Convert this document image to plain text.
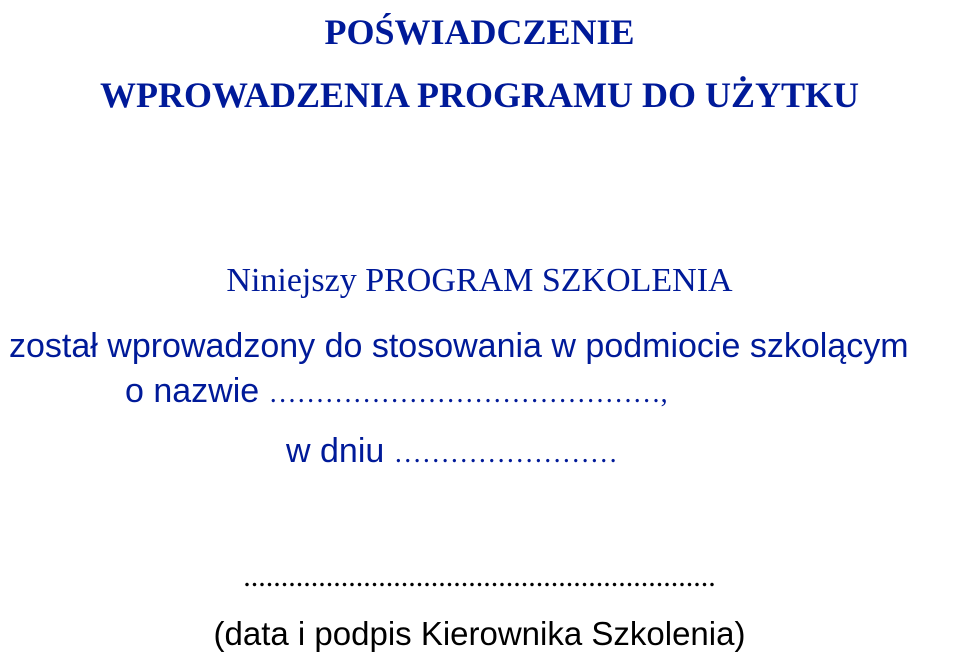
POŚWIADCZENIE
WPROWADZENIA PROGRAMU DO UŻYTKU
Niniejszy PROGRAM SZKOLENIA
został wprowadzony do stosowania w podmiocie szkolącym
o nazwie ……………………………………,
w dniu ……………………
...............................................................
(data i podpis Kierownika Szkolenia)
